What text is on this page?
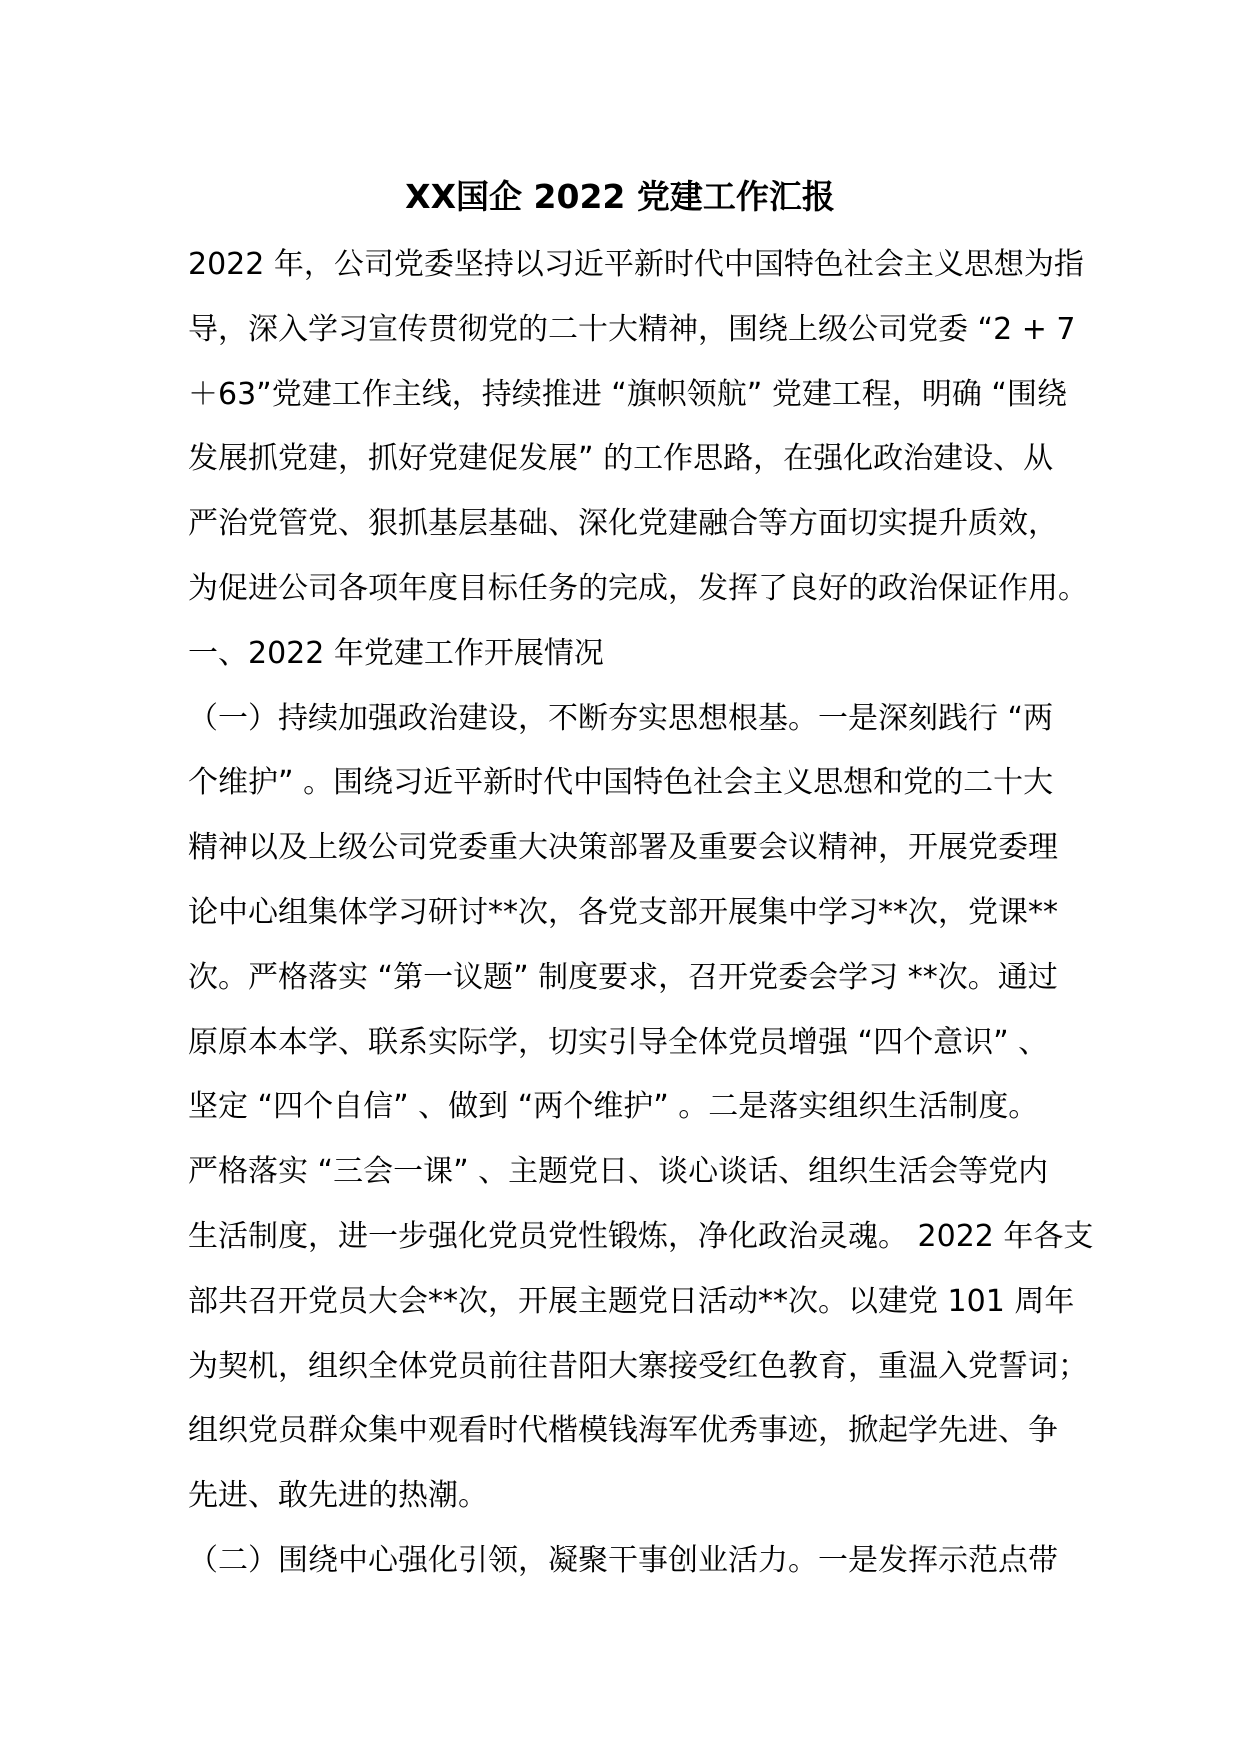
XX国企 2022 党建工作汇报
2022 年，公司党委坚持以习近平新时代中国特色社会主义思想为指
导，深入学习宣传贯彻党的二十大精神，围绕上级公司党委 “2 + 7
＋63”党建工作主线，持续推进 “旗帜领航” 党建工程，明确 “围绕
发展抓党建，抓好党建促发展” 的工作思路，在强化政治建设、从
严治党管党、狠抓基层基础、深化党建融合等方面切实提升质效，
为促进公司各项年度目标任务的完成，发挥了良好的政治保证作用。
一、2022 年党建工作开展情况
（一）持续加强政治建设，不断夯实思想根基。一是深刻践行 “两
个维护” 。围绕习近平新时代中国特色社会主义思想和党的二十大
精神以及上级公司党委重大决策部署及重要会议精神，开展党委理
论中心组集体学习研讨**次，各党支部开展集中学习**次，党课**
次。严格落实 “第一议题” 制度要求，召开党委会学习 **次。通过
原原本本学、联系实际学，切实引导全体党员增强 “四个意识” 、
坚定 “四个自信” 、做到 “两个维护” 。二是落实组织生活制度。
严格落实 “三会一课” 、主题党日、谈心谈话、组织生活会等党内
生活制度，进一步强化党员党性锻炼，净化政治灵魂。 2022 年各支
部共召开党员大会**次，开展主题党日活动**次。以建党 101 周年
为契机，组织全体党员前往昔阳大寨接受红色教育，重温入党誓词；
组织党员群众集中观看时代楷模钱海军优秀事迹，掀起学先进、争
先进、敢先进的热潮。
（二）围绕中心强化引领，凝聚干事创业活力。一是发挥示范点带
